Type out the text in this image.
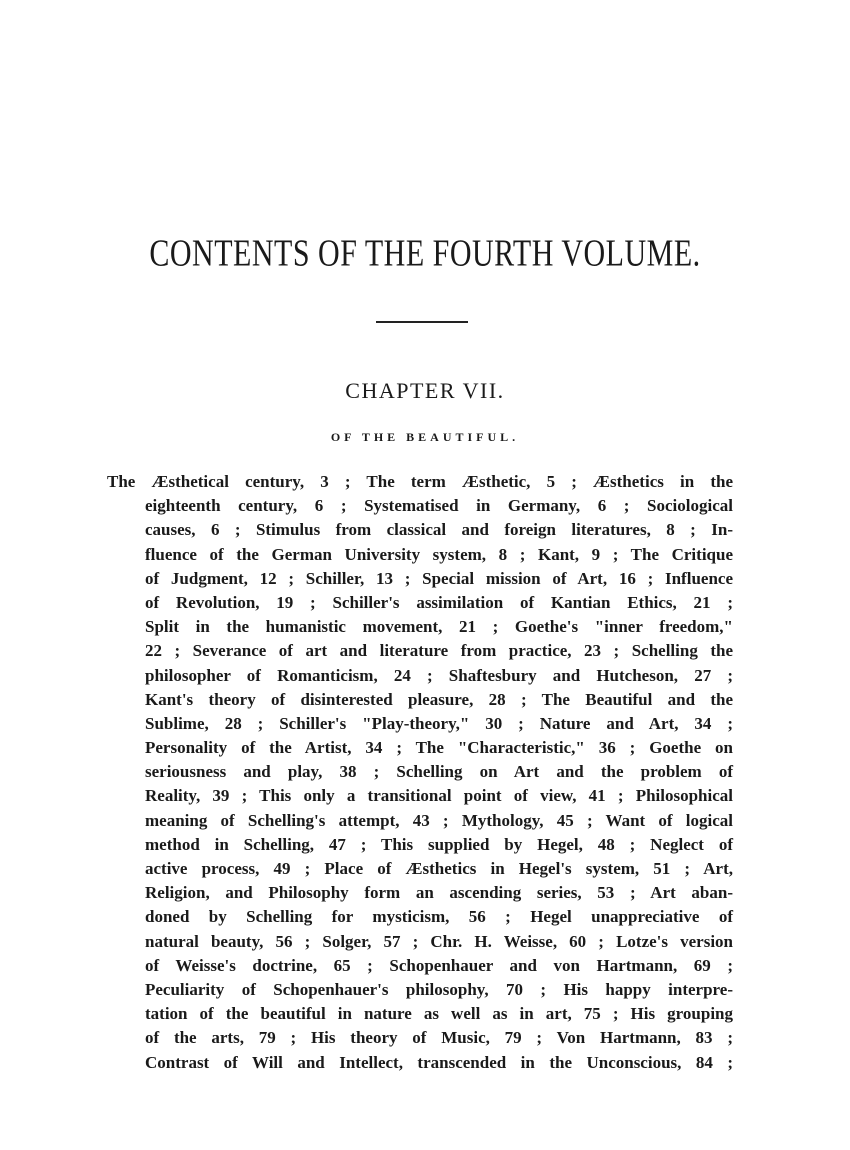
CONTENTS OF THE FOURTH VOLUME.
CHAPTER VII.
OF THE BEAUTIFUL.
The Æsthetical century, 3 ; The term Æsthetic, 5 ; Æsthetics in the
eighteenth century, 6 ; Systematised in Germany, 6 ; Sociological
causes, 6 ; Stimulus from classical and foreign literatures, 8 ; In-
fluence of the German University system, 8 ; Kant, 9 ; The Critique
of Judgment, 12 ; Schiller, 13 ; Special mission of Art, 16 ; Influence
of Revolution, 19 ; Schiller's assimilation of Kantian Ethics, 21 ;
Split in the humanistic movement, 21 ; Goethe's "inner freedom,"
22 ; Severance of art and literature from practice, 23 ; Schelling the
philosopher of Romanticism, 24 ; Shaftesbury and Hutcheson, 27 ;
Kant's theory of disinterested pleasure, 28 ; The Beautiful and the
Sublime, 28 ; Schiller's "Play-theory," 30 ; Nature and Art, 34 ;
Personality of the Artist, 34 ; The "Characteristic," 36 ; Goethe on
seriousness and play, 38 ; Schelling on Art and the problem of
Reality, 39 ; This only a transitional point of view, 41 ; Philosophical
meaning of Schelling's attempt, 43 ; Mythology, 45 ; Want of logical
method in Schelling, 47 ; This supplied by Hegel, 48 ; Neglect of
active process, 49 ; Place of Æsthetics in Hegel's system, 51 ; Art,
Religion, and Philosophy form an ascending series, 53 ; Art aban-
doned by Schelling for mysticism, 56 ; Hegel unappreciative of
natural beauty, 56 ; Solger, 57 ; Chr. H. Weisse, 60 ; Lotze's version
of Weisse's doctrine, 65 ; Schopenhauer and von Hartmann, 69 ;
Peculiarity of Schopenhauer's philosophy, 70 ; His happy interpre-
tation of the beautiful in nature as well as in art, 75 ; His grouping
of the arts, 79 ; His theory of Music, 79 ; Von Hartmann, 83 ;
Contrast of Will and Intellect, transcended in the Unconscious, 84 ;
